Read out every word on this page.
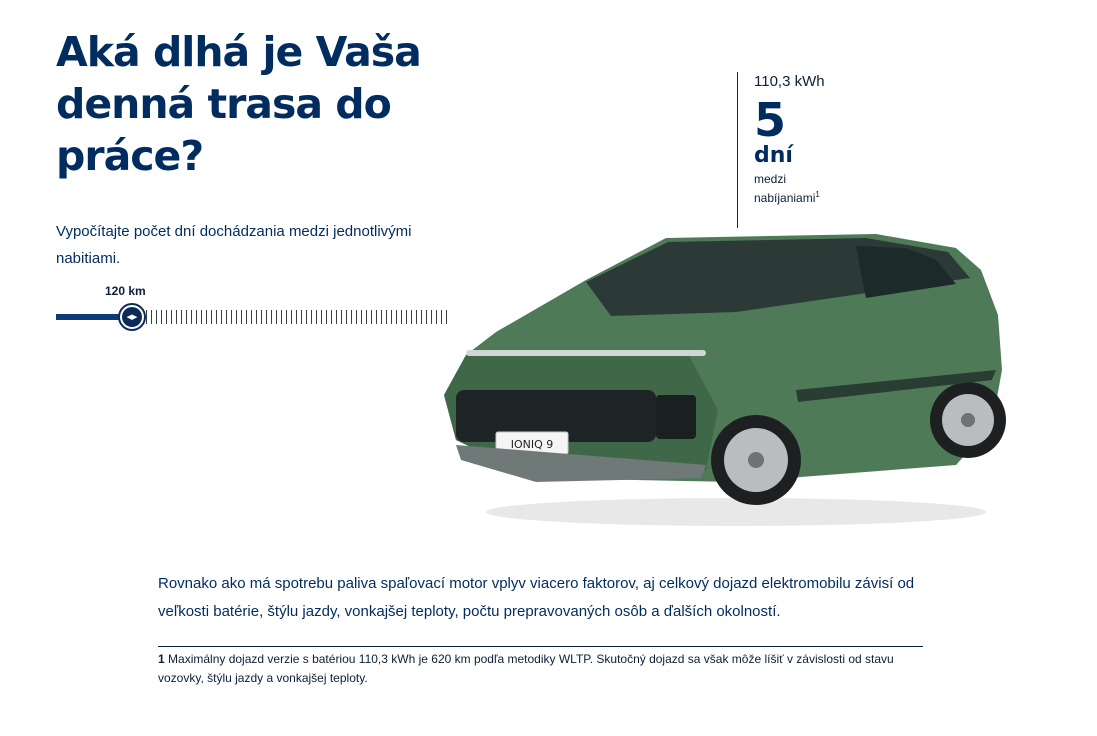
Aká dlhá je Vaša denná trasa do práce?

Vypočítajte počet dní dochádzania medzi jednotlivými nabitiami.

120 km
◀▶
110,3 kWh
5
dní
medzi
nabíjaniami$^1$
IONIQ 9

Rovnako ako má spotrebu paliva spaľovací motor vplyv viacero faktorov, aj celkový dojazd elektromobilu závisí od veľkosti batérie, štýlu jazdy, vonkajšej teploty, počtu prepravovaných osôb a ďalších okolností.

1 Maximálny dojazd verzie s batériou 110,3 kWh je 620 km podľa metodiky WLTP. Skutočný dojazd sa však môže líšiť v závislosti od stavu vozovky, štýlu jazdy a vonkajšej teploty.
